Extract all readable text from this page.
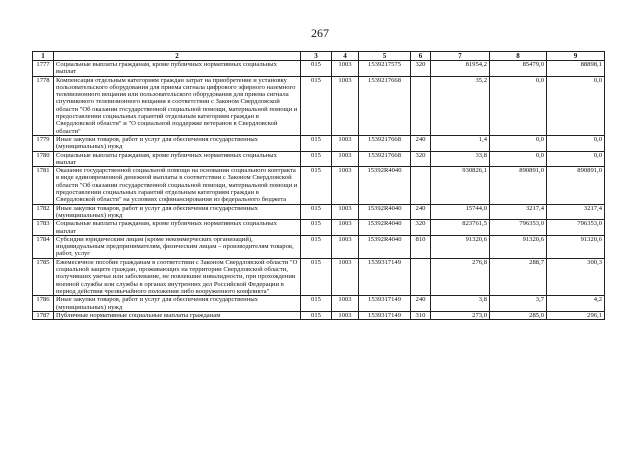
267
1	2	3	4	5	6	7	8	9
1777	Социальные выплаты гражданам, кроме публичных нормативных социальных выплат	015	1003	1539217575	320	81954,2	85479,0	88898,1
1778	Компенсация отдельным категориям граждан затрат на приобретение и установку пользовательского оборудования для приема сигнала цифрового эфирного наземного телевизионного вещания или пользовательского оборудования для приема сигнала спутникового телевизионного вещания в соответствии с Законом Свердловской области "Об оказании государственной социальной помощи, материальной помощи и предоставлении социальных гарантий отдельным категориям граждан в Свердловской области" и "О социальной поддержке ветеранов в Свердловской области"	015	1003	1539217668		35,2	0,0	0,0
1779	Иные закупки товаров, работ и услуг для обеспечения государственных (муниципальных) нужд	015	1003	1539217668	240	1,4	0,0	0,0
1780	Социальные выплаты гражданам, кроме публичных нормативных социальных выплат	015	1003	1539217668	320	33,8	0,0	0,0
1781	Оказание государственной социальной помощи на основании социального контракта в виде единовременной денежной выплаты в соответствии с Законом Свердловской области "Об оказании государственной социальной помощи, материальной помощи и предоставлении социальных гарантий отдельным категориям граждан в Свердловской области" на условиях софинансирования из федерального бюджета	015	1003	15392R4040		930826,1	890891,0	890891,0
1782	Иные закупки товаров, работ и услуг для обеспечения государственных (муниципальных) нужд	015	1003	15392R4040	240	15744,0	3217,4	3217,4
1783	Социальные выплаты гражданам, кроме публичных нормативных социальных выплат	015	1003	15392R4040	320	823761,5	796353,0	796353,0
1784	Субсидии юридическим лицам (кроме некоммерческих организаций), индивидуальным предпринимателям, физическим лицам – производителям товаров, работ, услуг	015	1003	15392R4040	810	91320,6	91320,6	91320,6
1785	Ежемесячное пособие гражданам в соответствии с Законом Свердловской области "О социальной защите граждан, проживающих на территории Свердловской области, получивших увечье или заболевание, не повлекшие инвалидности, при прохождении военной службы или службы в органах внутренних дел Российской Федерации в период действия чрезвычайного положения либо вооруженного конфликта"	015	1003	1539317149		276,8	288,7	300,3
1786	Иные закупки товаров, работ и услуг для обеспечения государственных (муниципальных) нужд	015	1003	1539317149	240	3,8	3,7	4,2
1787	Публичные нормативные социальные выплаты гражданам	015	1003	1539317149	310	273,0	285,0	296,1
